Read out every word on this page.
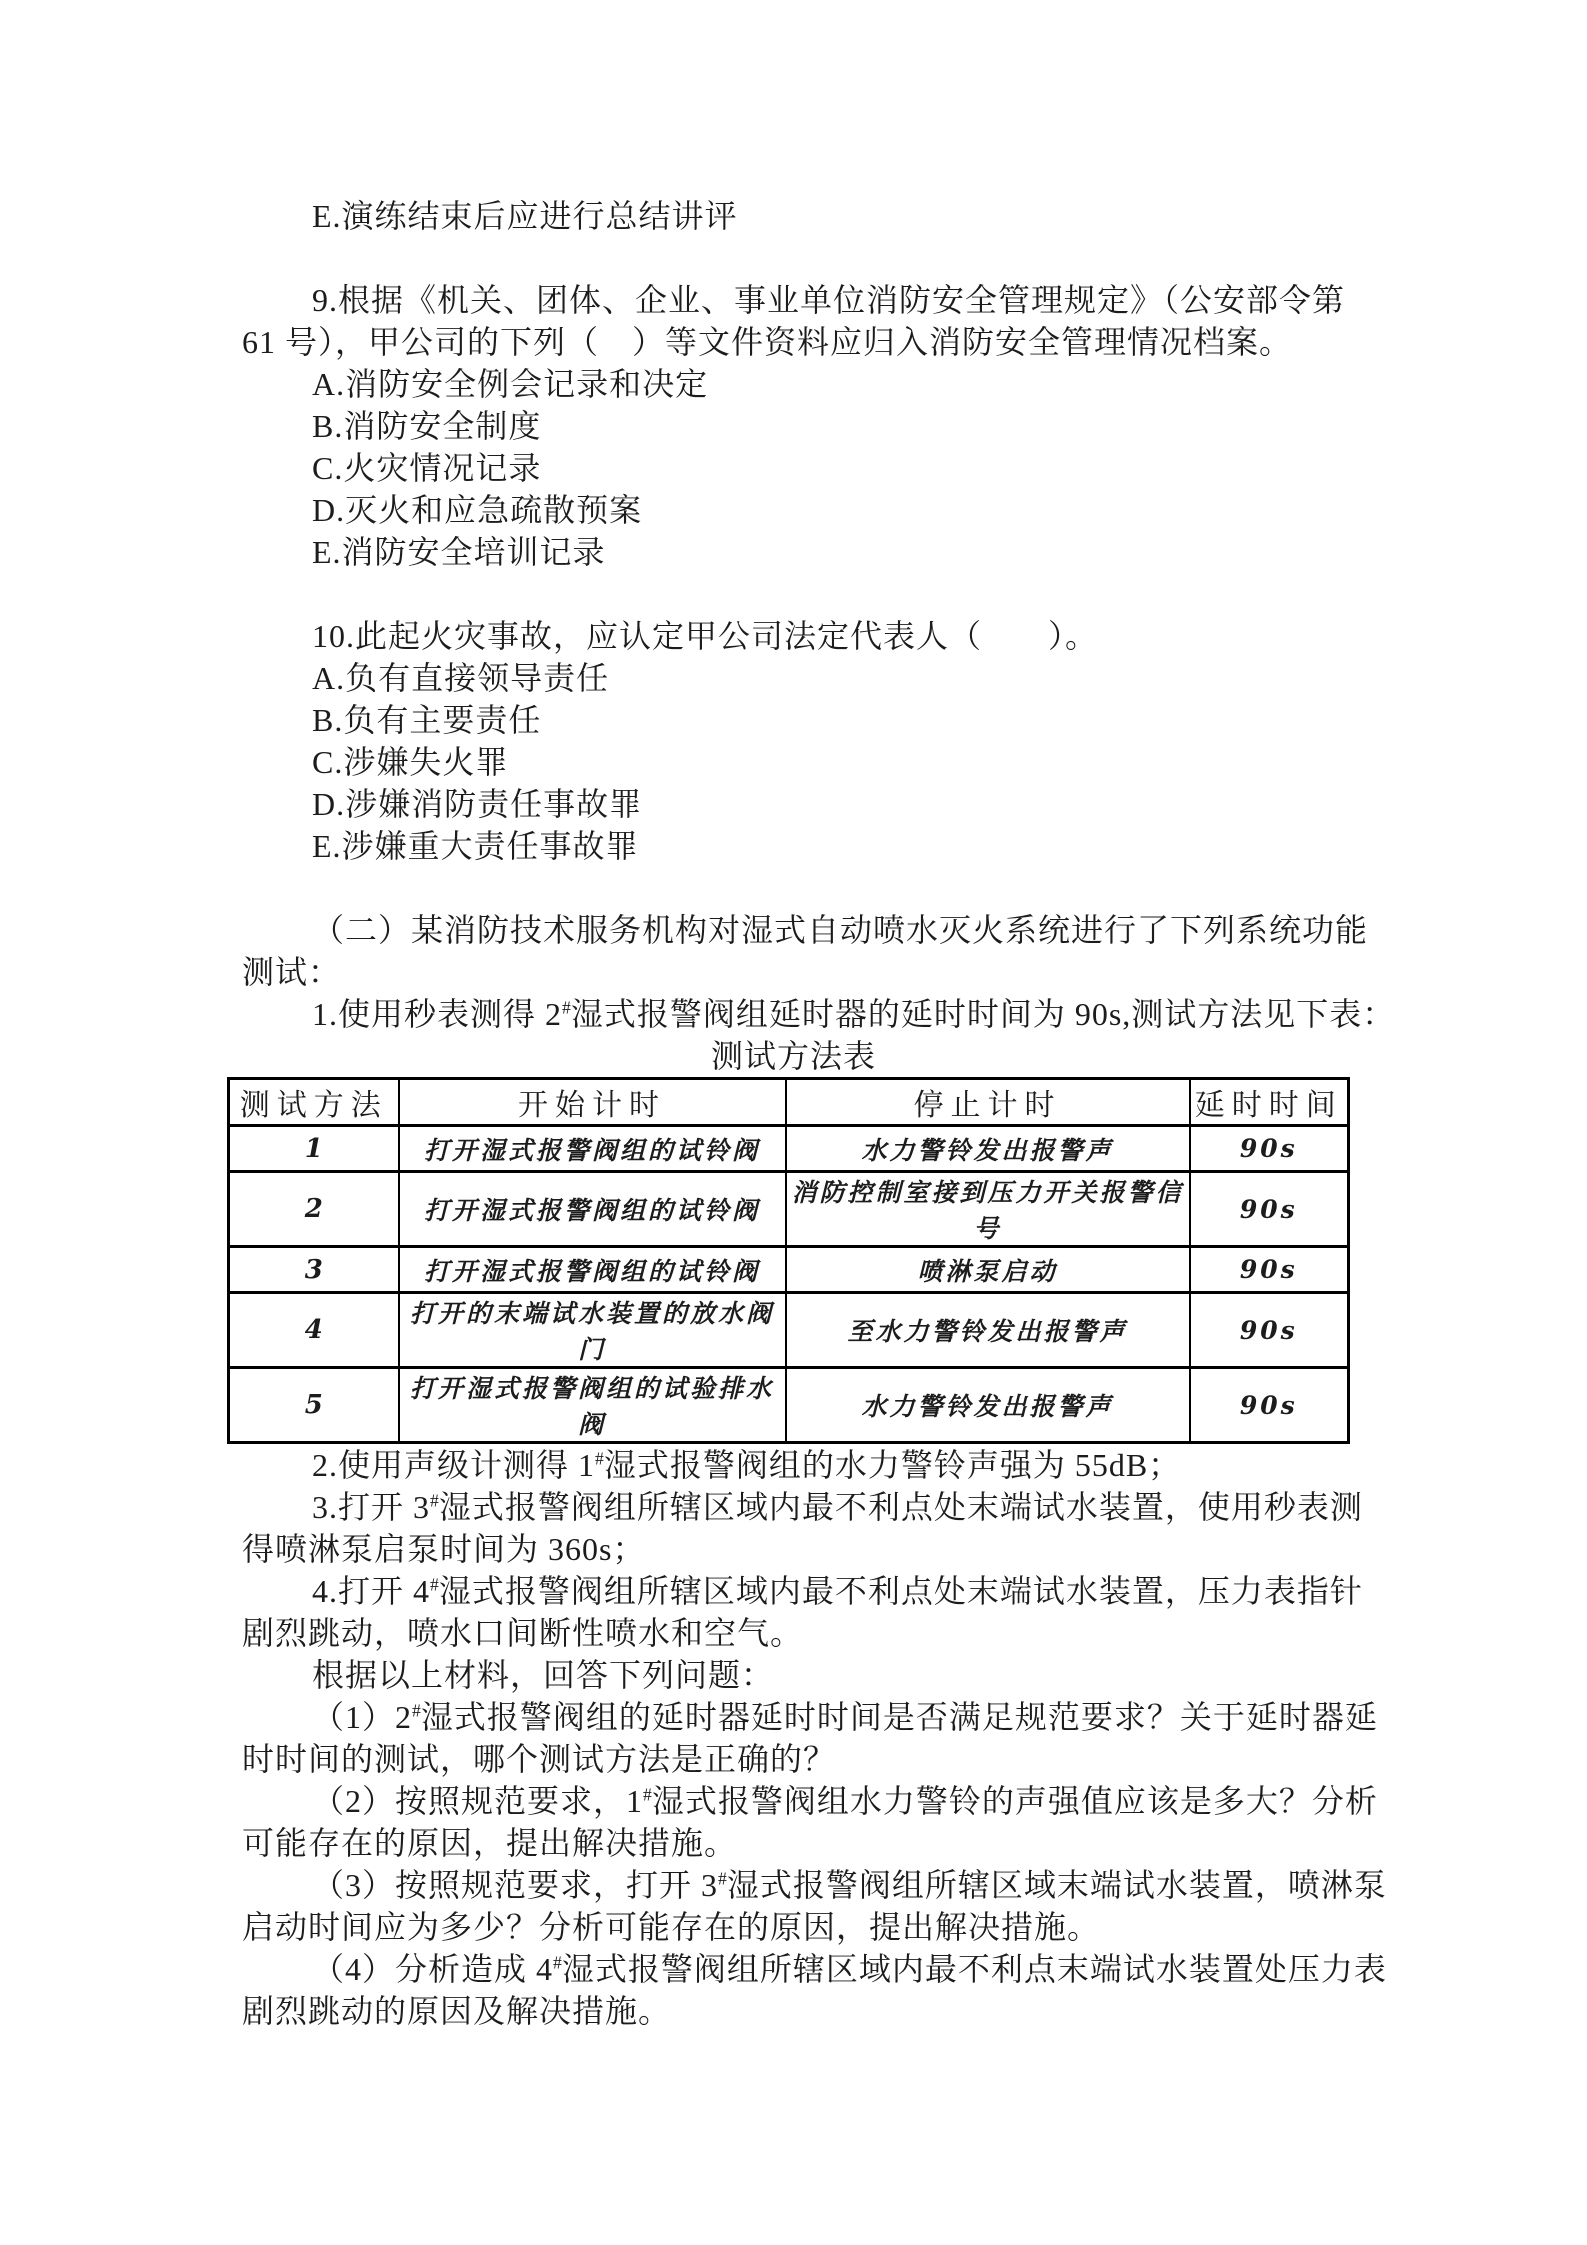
E.演练结束后应进行总结讲评
9.根据《机关、团体、企业、事业单位消防安全管理规定》（公安部令第
61 号），甲公司的下列（　）等文件资料应归入消防安全管理情况档案。
A.消防安全例会记录和决定
B.消防安全制度
C.火灾情况记录
D.灭火和应急疏散预案
E.消防安全培训记录
10.此起火灾事故，应认定甲公司法定代表人（　　）。
A.负有直接领导责任
B.负有主要责任
C.涉嫌失火罪
D.涉嫌消防责任事故罪
E.涉嫌重大责任事故罪
（二）某消防技术服务机构对湿式自动喷水灭火系统进行了下列系统功能
测试：
1.使用秒表测得 2#湿式报警阀组延时器的延时时间为 90s,测试方法见下表：
测试方法表
测试方法	开始计时	停止计时	延时时间
1	打开湿式报警阀组的试铃阀	水力警铃发出报警声	90s
2	打开湿式报警阀组的试铃阀	消防控制室接到压力开关报警信号	90s
3	打开湿式报警阀组的试铃阀	喷淋泵启动	90s
4	打开的末端试水装置的放水阀门	至水力警铃发出报警声	90s
5	打开湿式报警阀组的试验排水阀	水力警铃发出报警声	90s
2.使用声级计测得 1#湿式报警阀组的水力警铃声强为 55dB；
3.打开 3#湿式报警阀组所辖区域内最不利点处末端试水装置，使用秒表测
得喷淋泵启泵时间为 360s；
4.打开 4#湿式报警阀组所辖区域内最不利点处末端试水装置，压力表指针
剧烈跳动，喷水口间断性喷水和空气。
根据以上材料，回答下列问题：
（1）2#湿式报警阀组的延时器延时时间是否满足规范要求？关于延时器延
时时间的测试，哪个测试方法是正确的？
（2）按照规范要求，1#湿式报警阀组水力警铃的声强值应该是多大？分析
可能存在的原因，提出解决措施。
（3）按照规范要求，打开 3#湿式报警阀组所辖区域末端试水装置，喷淋泵
启动时间应为多少？分析可能存在的原因，提出解决措施。
（4）分析造成 4#湿式报警阀组所辖区域内最不利点末端试水装置处压力表
剧烈跳动的原因及解决措施。
